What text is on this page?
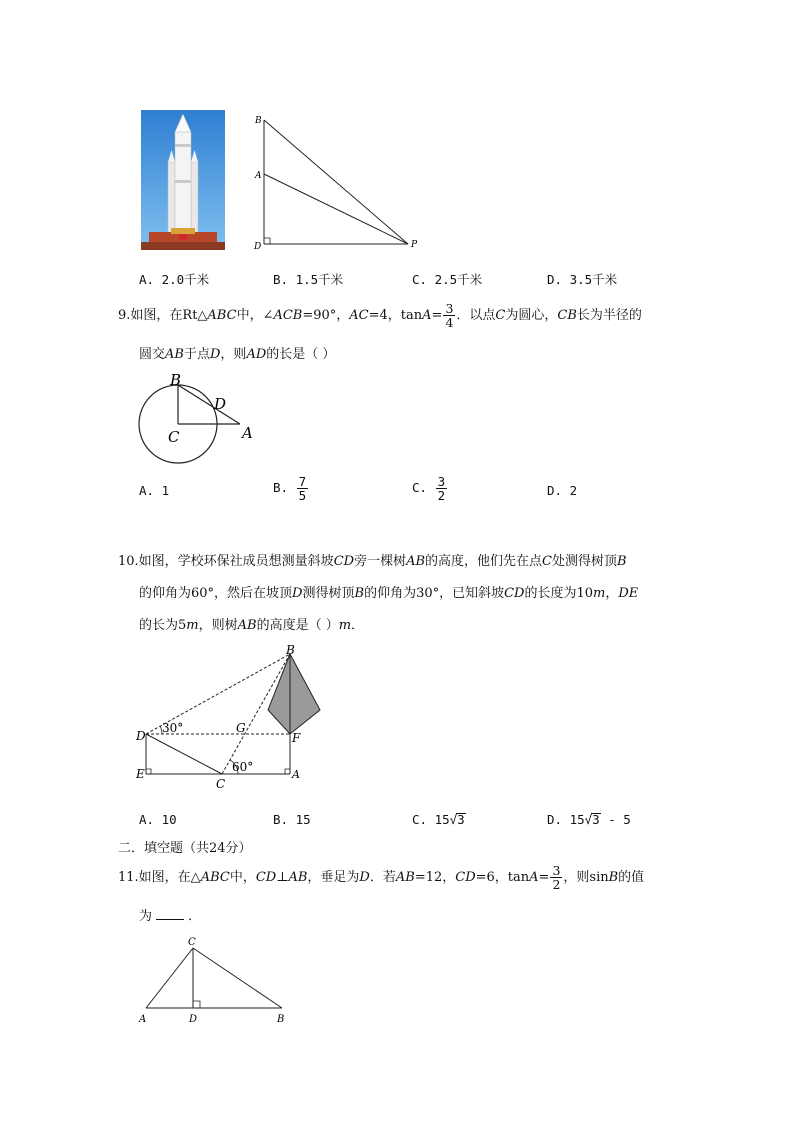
B
A
D	P
A. 2.0千米	B. 1.5千米	C. 2.5千米	D. 3.5千米
9.如图，在Rt△ABC中，∠ACB=90°，AC=4，$\tan A= \frac{3}{4}$ ．以点C为圆心，CB长为半径的
圆交AB于点D，则AD的长是（ ）
B
D
C	A
A. 1	B. $\frac{7}{5}$	C. $\frac{3}{2}$	D. 2
10.如图，学校环保社成员想测量斜坡CD旁一棵树AB的高度，他们先在点C处测得树顶B
的仰角为60°，然后在坡顶D测得树顶B的仰角为30°，已知斜坡CD的长度为10m，DE
的长为5m，则树AB的高度是（ ）m．
B
D
G
F
E
C
A
30°
60°
A. 10	B. 15	C. 15√3	D. 15√3 - 5
二．填空题（共24分）
11.如图，在△ABC中，CD⊥AB，垂足为D．若AB=12，CD=6，$\tan A= \frac{3}{2}$ ，则sinB的值
为	．
C
A	D	B
